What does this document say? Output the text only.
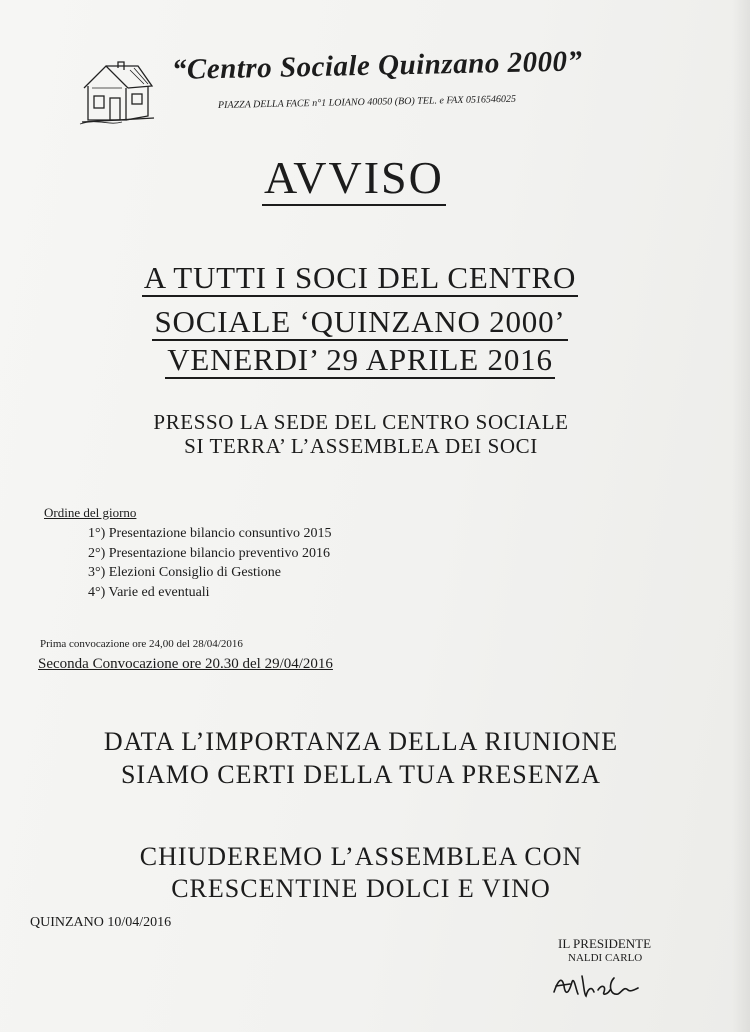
“Centro Sociale Quinzano 2000”
PIAZZA DELLA FACE n°1 LOIANO 40050 (BO) TEL. e FAX 0516546025
AVVISO
A TUTTI I SOCI DEL CENTRO
SOCIALE ‘QUINZANO 2000’
VENERDI’ 29 APRILE 2016
PRESSO LA SEDE DEL CENTRO SOCIALE
SI TERRA’ L’ASSEMBLEA DEI SOCI
Ordine del giorno
1°) Presentazione bilancio consuntivo 2015
2°) Presentazione bilancio preventivo 2016
3°) Elezioni Consiglio di Gestione
4°) Varie ed eventuali
Prima convocazione ore 24,00 del 28/04/2016
Seconda Convocazione ore 20.30 del 29/04/2016
DATA L’IMPORTANZA DELLA RIUNIONE
SIAMO CERTI DELLA TUA PRESENZA
CHIUDEREMO L’ASSEMBLEA CON
CRESCENTINE DOLCI E VINO
QUINZANO 10/04/2016
IL PRESIDENTE
NALDI CARLO
